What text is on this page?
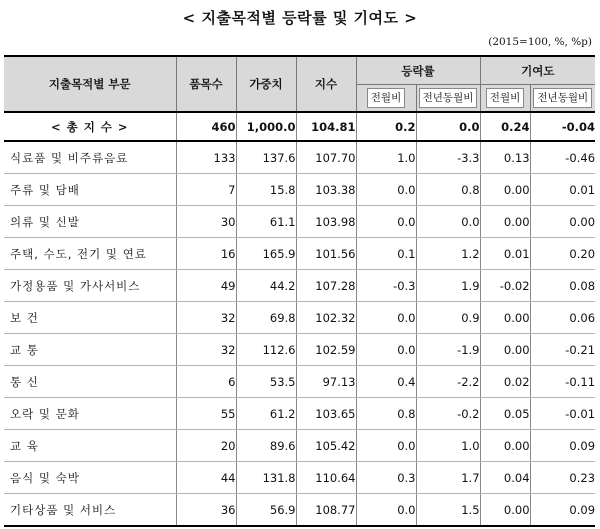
< 지출목적별 등락률 및 기여도 >
(2015=100, %, %p)
지출목적별 부문	품목수	가중치	지수	등락률		기여도	
				전월비	전년동월비	전월비	전년동월비
< 총 지 수 >	460	1,000.0	104.81	0.2	0.0	0.24	-0.04
식료품 및 비주류음료	133	137.6	107.70	1.0	-3.3	0.13	-0.46
주류 및 담배	7	15.8	103.38	0.0	0.8	0.00	0.01
의류 및 신발	30	61.1	103.98	0.0	0.0	0.00	0.00
주택, 수도, 전기 및 연료	16	165.9	101.56	0.1	1.2	0.01	0.20
가정용품 및 가사서비스	49	44.2	107.28	-0.3	1.9	-0.02	0.08
보 건	32	69.8	102.32	0.0	0.9	0.00	0.06
교 통	32	112.6	102.59	0.0	-1.9	0.00	-0.21
통 신	6	53.5	97.13	0.4	-2.2	0.02	-0.11
오락 및 문화	55	61.2	103.65	0.8	-0.2	0.05	-0.01
교 육	20	89.6	105.42	0.0	1.0	0.00	0.09
음식 및 숙박	44	131.8	110.64	0.3	1.7	0.04	0.23
기타상품 및 서비스	36	56.9	108.77	0.0	1.5	0.00	0.09
